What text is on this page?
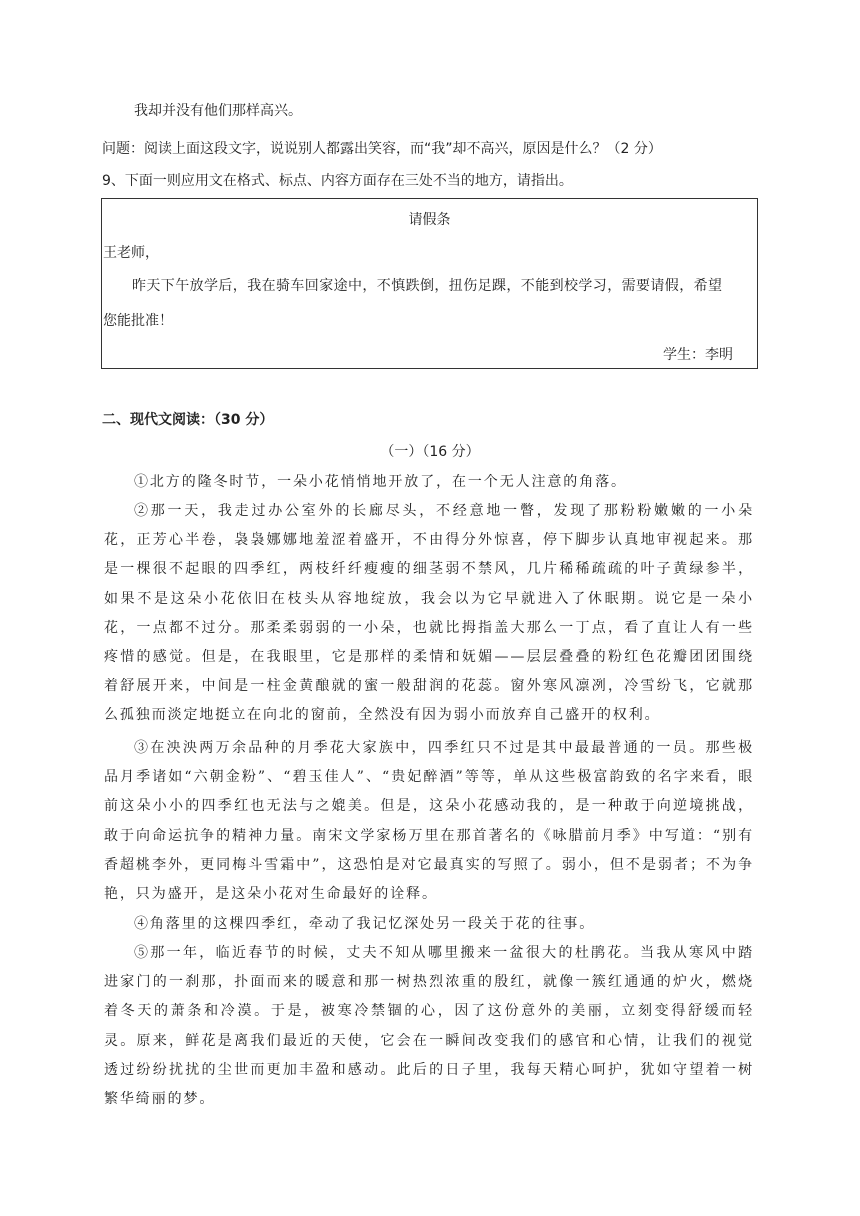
我却并没有他们那样高兴。
问题：阅读上面这段文字，说说别人都露出笑容，而“我”却不高兴，原因是什么？（2 分）
9、下面一则应用文在格式、标点、内容方面存在三处不当的地方，请指出。
请假条
王老师，
昨天下午放学后，我在骑车回家途中，不慎跌倒，扭伤足踝，不能到校学习，需要请假，希望
您能批准！
学生：李明
二、现代文阅读：（30 分）
（一）（16 分）
①北方的隆冬时节，一朵小花悄悄地开放了，在一个无人注意的角落。
②那一天，我走过办公室外的长廊尽头，不经意地一瞥，发现了那粉粉嫩嫩的一小朵花，正芳心半卷，袅袅娜娜地羞涩着盛开，不由得分外惊喜，停下脚步认真地审视起来。那是一棵很不起眼的四季红，两枝纤纤瘦瘦的细茎弱不禁风，几片稀稀疏疏的叶子黄绿参半，如果不是这朵小花依旧在枝头从容地绽放，我会以为它早就进入了休眠期。说它是一朵小花，一点都不过分。那柔柔弱弱的一小朵，也就比拇指盖大那么一丁点，看了直让人有一些疼惜的感觉。但是，在我眼里，它是那样的柔情和妩媚——层层叠叠的粉红色花瓣团团围绕着舒展开来，中间是一柱金黄酿就的蜜一般甜润的花蕊。窗外寒风凛冽，冷雪纷飞，它就那么孤独而淡定地挺立在向北的窗前，全然没有因为弱小而放弃自己盛开的权利。
③在泱泱两万余品种的月季花大家族中，四季红只不过是其中最最普通的一员。那些极品月季诸如“六朝金粉”、“碧玉佳人”、“贵妃醉酒”等等，单从这些极富韵致的名字来看，眼前这朵小小的四季红也无法与之媲美。但是，这朵小花感动我的，是一种敢于向逆境挑战，敢于向命运抗争的精神力量。南宋文学家杨万里在那首著名的《咏腊前月季》中写道：“别有香超桃李外，更同梅斗雪霜中”，这恐怕是对它最真实的写照了。弱小，但不是弱者；不为争艳，只为盛开，是这朵小花对生命最好的诠释。
④角落里的这棵四季红，牵动了我记忆深处另一段关于花的往事。
⑤那一年，临近春节的时候，丈夫不知从哪里搬来一盆很大的杜鹃花。当我从寒风中踏进家门的一刹那，扑面而来的暖意和那一树热烈浓重的殷红，就像一簇红通通的炉火，燃烧着冬天的萧条和冷漠。于是，被寒冷禁锢的心，因了这份意外的美丽，立刻变得舒缓而轻灵。原来，鲜花是离我们最近的天使，它会在一瞬间改变我们的感官和心情，让我们的视觉透过纷纷扰扰的尘世而更加丰盈和感动。此后的日子里，我每天精心呵护，犹如守望着一树繁华绮丽的梦。
